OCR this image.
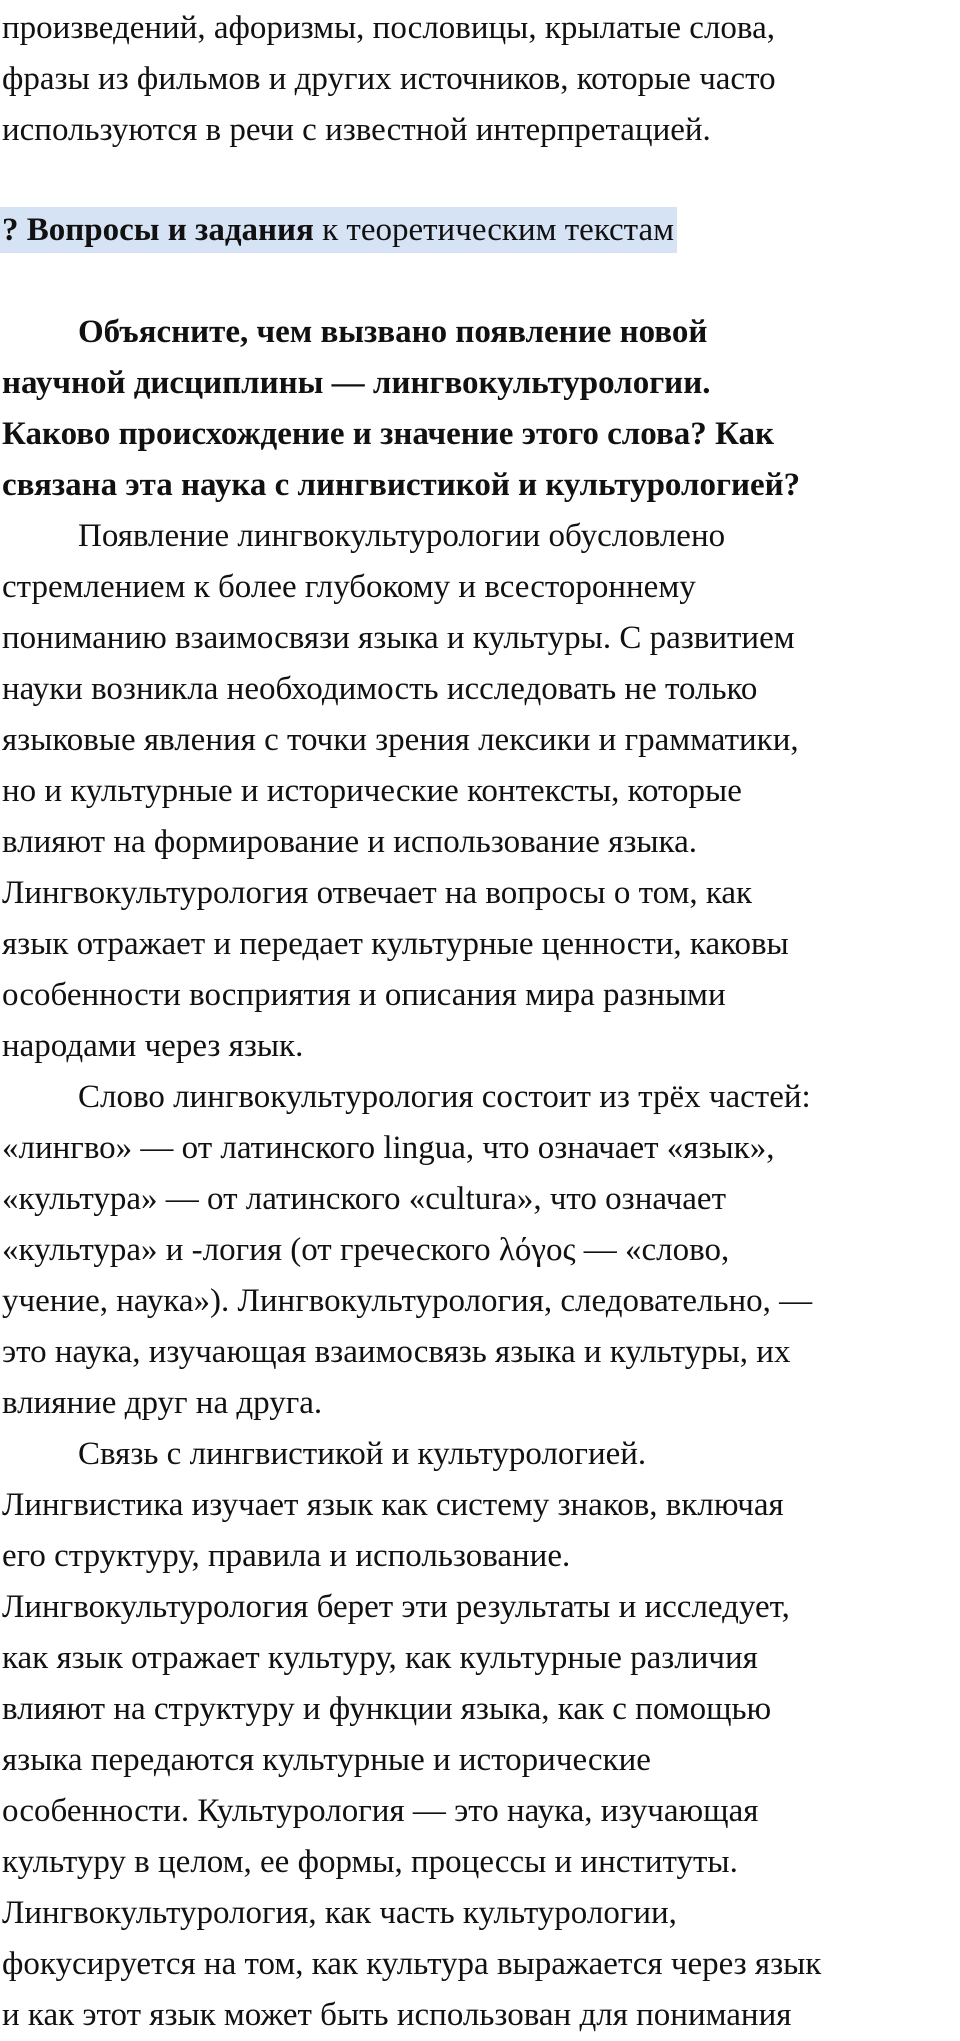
произведений, афоризмы, пословицы, крылатые слова,
фразы из фильмов и других источников, которые часто
используются в речи с известной интерпретацией.
? Вопросы и задания к теоретическим текстам
Объясните, чем вызвано появление новой
научной дисциплины — лингвокультурологии.
Каково происхождение и значение этого слова? Как
связана эта наука с лингвистикой и культурологией?
Появление лингвокультурологии обусловлено
стремлением к более глубокому и всестороннему
пониманию взаимосвязи языка и культуры. С развитием
науки возникла необходимость исследовать не только
языковые явления с точки зрения лексики и грамматики,
но и культурные и исторические контексты, которые
влияют на формирование и использование языка.
Лингвокультурология отвечает на вопросы о том, как
язык отражает и передает культурные ценности, каковы
особенности восприятия и описания мира разными
народами через язык.
Слово лингвокультурология состоит из трёх частей:
«лингво» — от латинского lingua, что означает «язык»,
«культура» — от латинского «cultura», что означает
«культура» и -логия (от греческого λόγος — «слово,
учение, наука»). Лингвокультурология, следовательно, —
это наука, изучающая взаимосвязь языка и культуры, их
влияние друг на друга.
Связь с лингвистикой и культурологией.
Лингвистика изучает язык как систему знаков, включая
его структуру, правила и использование.
Лингвокультурология берет эти результаты и исследует,
как язык отражает культуру, как культурные различия
влияют на структуру и функции языка, как с помощью
языка передаются культурные и исторические
особенности. Культурология — это наука, изучающая
культуру в целом, ее формы, процессы и институты.
Лингвокультурология, как часть культурологии,
фокусируется на том, как культура выражается через язык
и как этот язык может быть использован для понимания
